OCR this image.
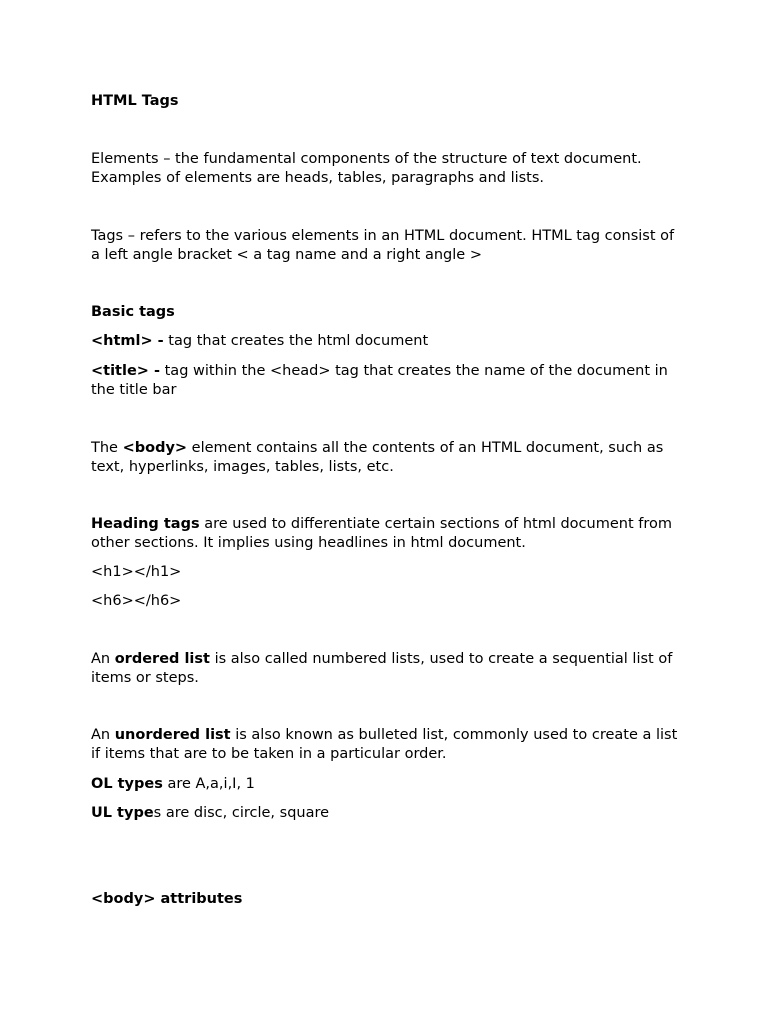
HTML Tags

Elements – the fundamental components of the structure of text document.

Examples of elements are heads, tables, paragraphs and lists.

Tags – refers to the various elements in an HTML document. HTML tag consist of

a left angle bracket < a tag name and a right angle >

Basic tags

<html> - tag that creates the html document

<title> - tag within the <head> tag that creates the name of the document in

the title bar

The <body> element contains all the contents of an HTML document, such as

text, hyperlinks, images, tables, lists, etc.

Heading tags are used to differentiate certain sections of html document from

other sections. It implies using headlines in html document.

<h1></h1>

<h6></h6>

An ordered list is also called numbered lists, used to create a sequential list of

items or steps.

An unordered list is also known as bulleted list, commonly used to create a list

if items that are to be taken in a particular order.

OL types are A,a,i,I, 1

UL types are disc, circle, square

<body> attributes
